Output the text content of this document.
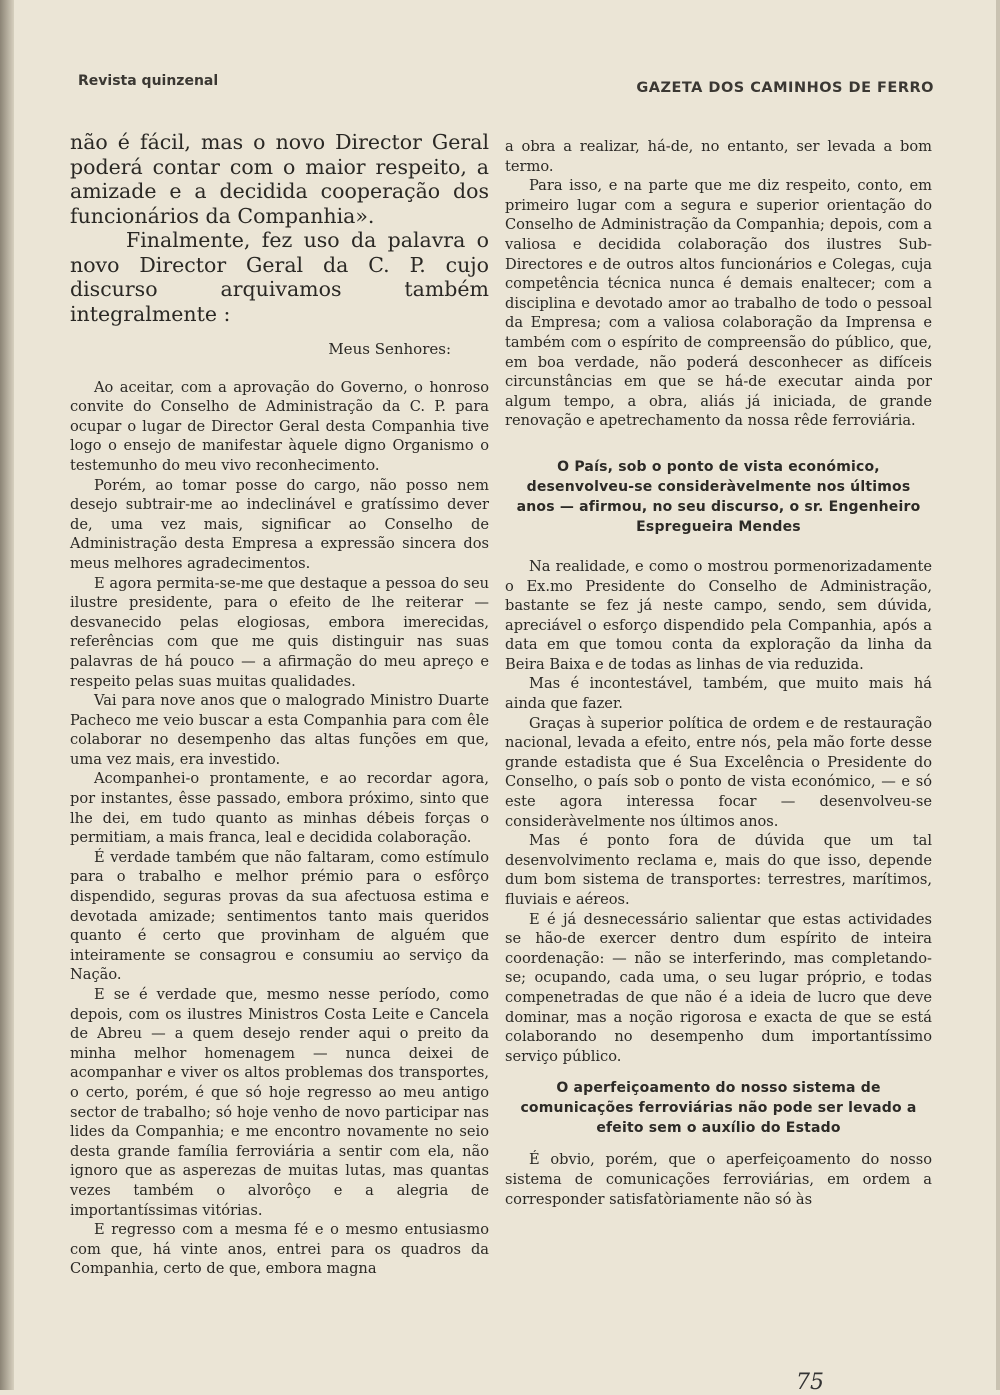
Revista quinzenal	GAZETA DOS CAMINHOS DE FERRO

não é fácil, mas o novo Director Geral poderá contar com o maior respeito, a amizade e a decidida cooperação dos funcionários da Companhia».

Finalmente, fez uso da palavra o novo Director Geral da C. P. cujo discurso arquivamos também integralmente :

Meus Senhores:

Ao aceitar, com a aprovação do Governo, o honroso convite do Conselho de Administração da C. P. para ocupar o lugar de Director Geral desta Companhia tive logo o ensejo de manifestar àquele digno Organismo o testemunho do meu vivo reconhecimento.

Porém, ao tomar posse do cargo, não posso nem desejo subtrair-me ao indeclinável e gratíssimo dever de, uma vez mais, significar ao Conselho de Administração desta Empresa a expressão sincera dos meus melhores agradecimentos.

E agora permita-se-me que destaque a pessoa do seu ilustre presidente, para o efeito de lhe reiterar — desvanecido pelas elogiosas, embora imerecidas, referências com que me quis distinguir nas suas palavras de há pouco — a afirmação do meu apreço e respeito pelas suas muitas qualidades.

Vai para nove anos que o malogrado Ministro Duarte Pacheco me veio buscar a esta Companhia para com êle colaborar no desempenho das altas funções em que, uma vez mais, era investido.

Acompanhei-o prontamente, e ao recordar agora, por instantes, êsse passado, embora próximo, sinto que lhe dei, em tudo quanto as minhas débeis forças o permitiam, a mais franca, leal e decidida colaboração.

É verdade também que não faltaram, como estímulo para o trabalho e melhor prémio para o esfôrço dispendido, seguras provas da sua afectuosa estima e devotada amizade; sentimentos tanto mais queridos quanto é certo que provinham de alguém que inteiramente se consagrou e consumiu ao serviço da Nação.

E se é verdade que, mesmo nesse período, como depois, com os ilustres Ministros Costa Leite e Cancela de Abreu — a quem desejo render aqui o preito da minha melhor homenagem — nunca deixei de acompanhar e viver os altos problemas dos transportes, o certo, porém, é que só hoje regresso ao meu antigo sector de trabalho; só hoje venho de novo participar nas lides da Companhia; e me encontro novamente no seio desta grande família ferroviária a sentir com ela, não ignoro que as asperezas de muitas lutas, mas quantas vezes também o alvorôço e a alegria de importantíssimas vitórias.

E regresso com a mesma fé e o mesmo entusiasmo com que, há vinte anos, entrei para os quadros da Companhia, certo de que, embora magna

a obra a realizar, há-de, no entanto, ser levada a bom termo.

Para isso, e na parte que me diz respeito, conto, em primeiro lugar com a segura e superior orientação do Conselho de Administração da Companhia; depois, com a valiosa e decidida colaboração dos ilustres Sub-Directores e de outros altos funcionários e Colegas, cuja competência técnica nunca é demais enaltecer; com a disciplina e devotado amor ao trabalho de todo o pessoal da Empresa; com a valiosa colaboração da Imprensa e também com o espírito de compreensão do público, que, em boa verdade, não poderá desconhecer as difíceis circunstâncias em que se há-de executar ainda por algum tempo, a obra, aliás já iniciada, de grande renovação e apetrechamento da nossa rêde ferroviária.

O País, sob o ponto de vista económico, desenvolveu-se consideràvelmente nos últimos anos — afirmou, no seu discurso, o sr. Engenheiro Espregueira Mendes

Na realidade, e como o mostrou pormenorizadamente o Ex.mo Presidente do Conselho de Administração, bastante se fez já neste campo, sendo, sem dúvida, apreciável o esforço dispendido pela Companhia, após a data em que tomou conta da exploração da linha da Beira Baixa e de todas as linhas de via reduzida.

Mas é incontestável, também, que muito mais há ainda que fazer.

Graças à superior política de ordem e de restauração nacional, levada a efeito, entre nós, pela mão forte desse grande estadista que é Sua Excelência o Presidente do Conselho, o país sob o ponto de vista económico, — e só este agora interessa focar — desenvolveu-se consideràvelmente nos últimos anos.

Mas é ponto fora de dúvida que um tal desenvolvimento reclama e, mais do que isso, depende dum bom sistema de transportes: terrestres, marítimos, fluviais e aéreos.

E é já desnecessário salientar que estas actividades se hão-de exercer dentro dum espírito de inteira coordenação: — não se interferindo, mas completando-se; ocupando, cada uma, o seu lugar próprio, e todas compenetradas de que não é a ideia de lucro que deve dominar, mas a noção rigorosa e exacta de que se está colaborando no desempenho dum importantíssimo serviço público.

O aperfeiçoamento do nosso sistema de comunicações ferroviárias não pode ser levado a efeito sem o auxílio do Estado

É obvio, porém, que o aperfeiçoamento do nosso sistema de comunicações ferroviárias, em ordem a corresponder satisfatòriamente não só às

75
